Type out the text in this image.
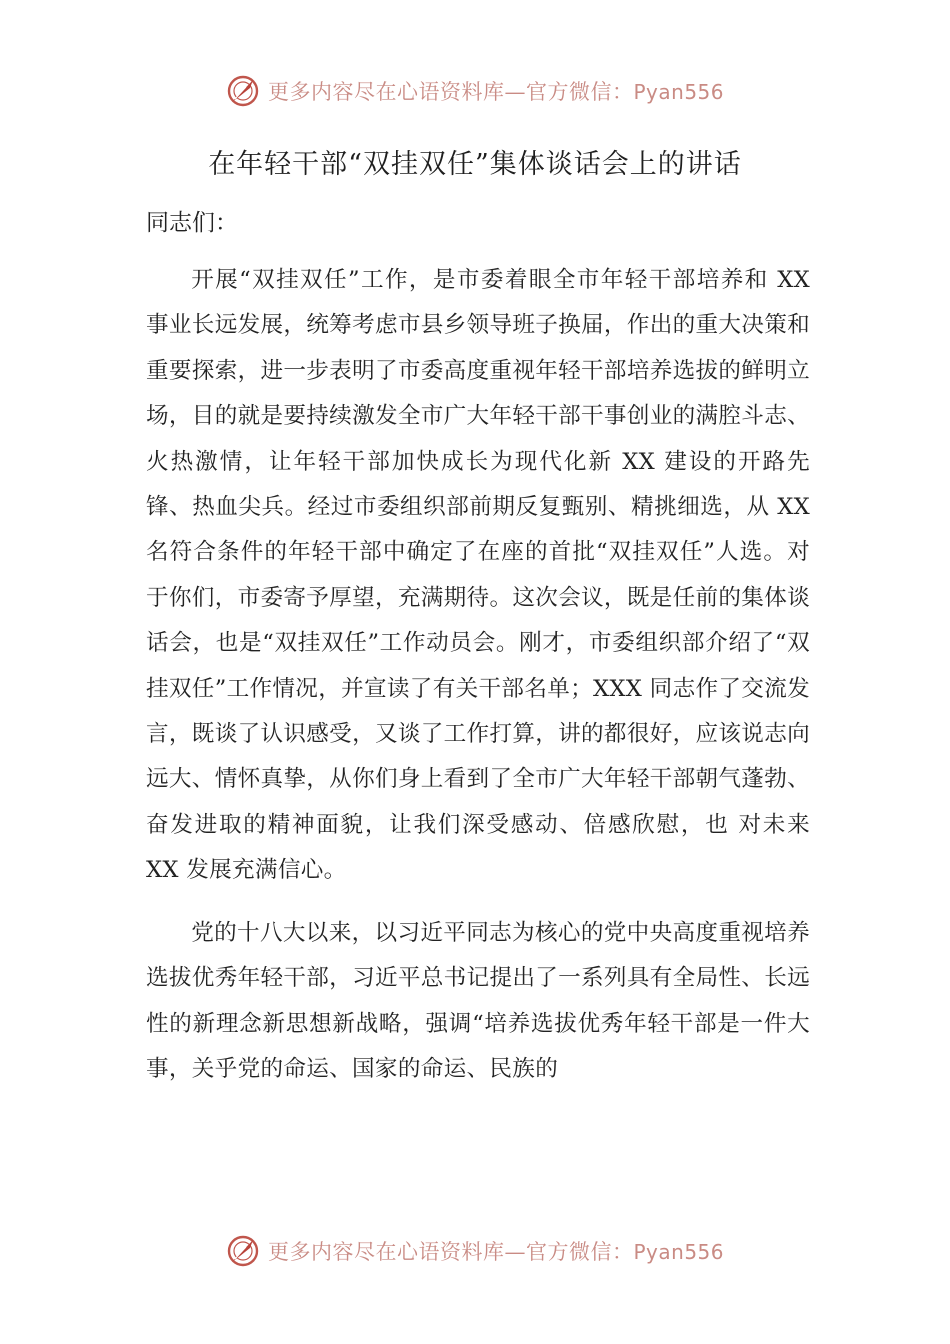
更多内容尽在心语资料库—官方微信：Pyan556
在年轻干部“双挂双任”集体谈话会上的讲话

同志们：

开展“双挂双任”工作，是市委着眼全市年轻干部培养和 XX 事业长远发展，统筹考虑市县乡领导班子换届，作出的重大决策和重要探索，进一步表明了市委高度重视年轻干部培养选拔的鲜明立场，目的就是要持续激发全市广大年轻干部干事创业的满腔斗志、火热激情，让年轻干部加快成长为现代化新 XX 建设的开路先锋、热血尖兵。经过市委组织部前期反复甄别、精挑细选，从 XX 名符合条件的年轻干部中确定了在座的首批“双挂双任”人选。对于你们，市委寄予厚望，充满期待。这次会议，既是任前的集体谈话会，也是“双挂双任”工作动员会。刚才，市委组织部介绍了“双挂双任”工作情况，并宣读了有关干部名单；XXX 同志作了交流发言，既谈了认识感受，又谈了工作打算，讲的都很好，应该说志向远大、情怀真挚，从你们身上看到了全市广大年轻干部朝气蓬勃、奋发进取的精神面貌，让我们深受感动、倍感欣慰，也 对未来 XX 发展充满信心。

党的十八大以来，以习近平同志为核心的党中央高度重视培养选拔优秀年轻干部，习近平总书记提出了一系列具有全局性、长远性的新理念新思想新战略，强调“培养选拔优秀年轻干部是一件大事，关乎党的命运、国家的命运、民族的

更多内容尽在心语资料库—官方微信：Pyan556
